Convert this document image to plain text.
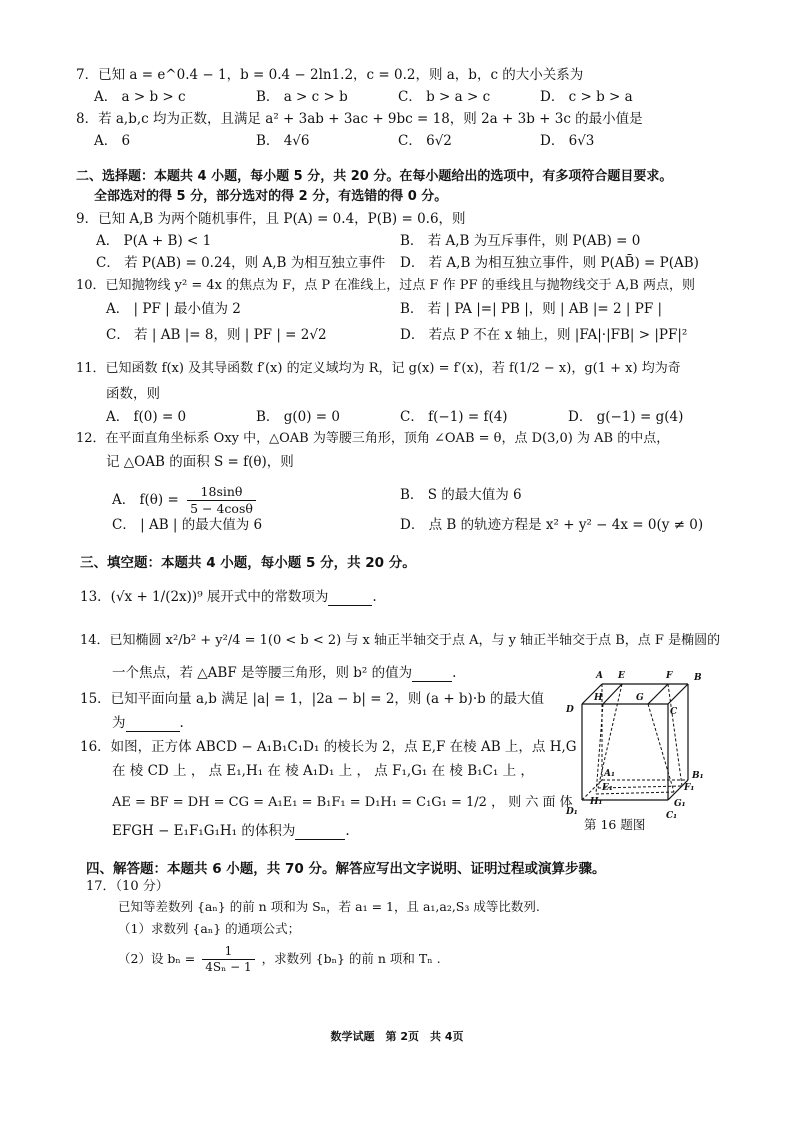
7．已知 a = e^0.4 − 1，b = 0.4 − 2ln1.2，c = 0.2，则 a，b，c 的大小关系为
A． a > b > c	B． a > c > b	C． b > a > c	D． c > b > a
8．若 a,b,c 均为正数，且满足 a² + 3ab + 3ac + 9bc = 18，则 2a + 3b + 3c 的最小值是
A． 6	B． 4√6	C． 6√2	D． 6√3
二、选择题：本题共 4 小题，每小题 5 分，共 20 分。在每小题给出的选项中，有多项符合题目要求。
全部选对的得 5 分，部分选对的得 2 分，有选错的得 0 分。
9．已知 A,B 为两个随机事件，且 P(A) = 0.4，P(B) = 0.6，则
A． P(A + B) < 1	B． 若 A,B 为互斥事件，则 P(AB) = 0
C． 若 P(AB) = 0.24，则 A,B 为相互独立事件 D． 若 A,B 为相互独立事件，则 P(AB̄) = P(AB)
10．已知抛物线 y² = 4x 的焦点为 F，点 P 在准线上，过点 F 作 PF 的垂线且与抛物线交于 A,B 两点，则
A． | PF | 最小值为 2	B． 若 | PA |=| PB |，则 | AB |= 2 | PF |
C． 若 | AB |= 8，则 | PF | = 2√2	D． 若点 P 不在 x 轴上，则 |FA|·|FB| > |PF|²
11．已知函数 f(x) 及其导函数 f′(x) 的定义域均为 R，记 g(x) = f′(x)，若 f(1/2 − x)，g(1 + x) 均为奇
函数，则
A． f(0) = 0	B． g(0) = 0	C． f(−1) = f(4)	D． g(−1) = g(4)
12．在平面直角坐标系 Oxy 中，△OAB 为等腰三角形，顶角 ∠OAB = θ，点 D(3,0) 为 AB 的中点，
记 △OAB 的面积 S = f(θ)，则
A． $f(\theta) = \frac{18\sin\theta}{5 - 4\cos\theta}$	B． S 的最大值为 6
C． | AB | 的最大值为 6	D． 点 B 的轨迹方程是 x² + y² − 4x = 0(y ≠ 0)
三、填空题：本题共 4 小题，每小题 5 分，共 20 分。
13．(√x + 1/(2x))⁹ 展开式中的常数项为	.
14．已知椭圆 x²/b² + y²/4 = 1(0 < b < 2) 与 x 轴正半轴交于点 A，与 y 轴正半轴交于点 B，点 F 是椭圆的
一个焦点，若 △ABF 是等腰三角形，则 b² 的值为	.
15．已知平面向量 a,b 满足 |a| = 1，|2a − b| = 2，则 (a + b)·b 的最大值
为	.
16．如图，正方体 ABCD − A₁B₁C₁D₁ 的棱长为 2，点 E,F 在棱 AB 上，点 H,G
在 棱 CD 上 ， 点 E₁,H₁ 在 棱 A₁D₁ 上 ， 点 F₁,G₁ 在 棱 B₁C₁ 上 ，
AE = BF = DH = CG = A₁E₁ = B₁F₁ = D₁H₁ = C₁G₁ = 1/2 ， 则 六 面 体
EFGH − E₁F₁G₁H₁ 的体积为	.
A E	F B
D
H	G
C
A₁
E₁	F₁
B₁
D₁
H₁	G₁
C₁
第 16 题图
四、解答题：本题共 6 小题，共 70 分。解答应写出文字说明、证明过程或演算步骤。
17．（10 分）
已知等差数列 {aₙ} 的前 n 项和为 Sₙ，若 a₁ = 1，且 a₁,a₂,S₃ 成等比数列.
（1）求数列 {aₙ} 的通项公式；
（2）设 $b_n = \frac{1}{\text{4Sₙ − 1}}$ ，求数列 {bₙ} 的前 n 项和 Tₙ .
数学试题　第 2页　共 4页
